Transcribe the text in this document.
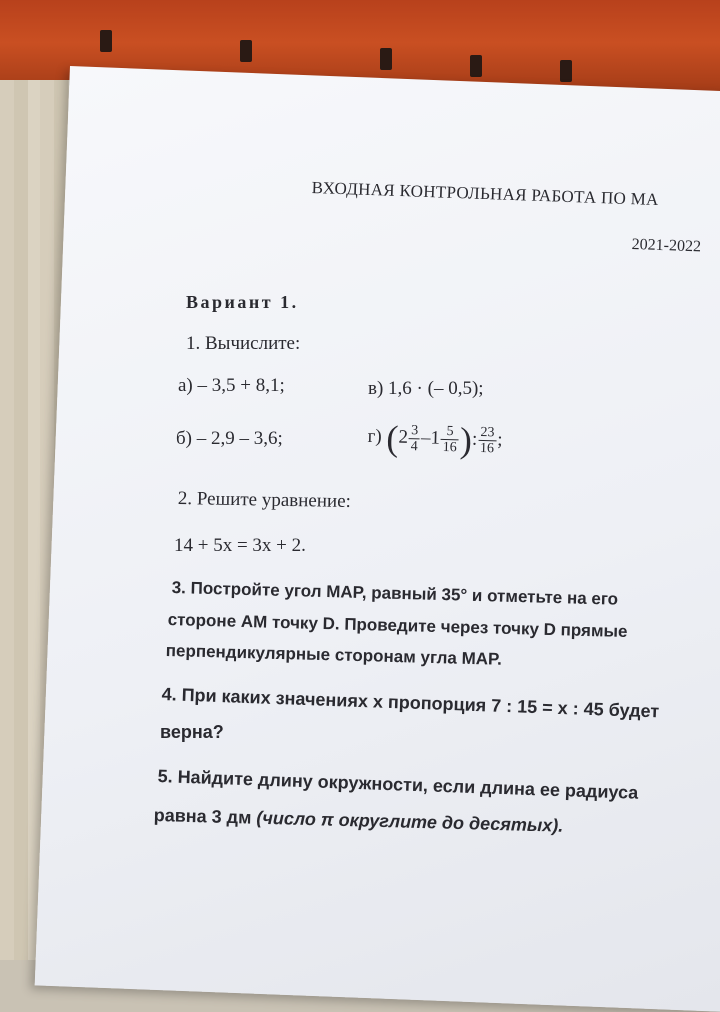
ВХОДНАЯ КОНТРОЛЬНАЯ РАБОТА ПО МА
2021-2022
Вариант 1.
1. Вычислите:
а) – 3,5 + 8,1;	в) 1,6 · (– 0,5);
б) – 2,9 – 3,6;	г) ($2 \frac{3}{4} -1 \frac{5}{16}$ ): $\frac{23}{16}$ ;
2. Решите уравнение:
14 + 5x = 3x + 2.
3. Постройте угол MAP, равный 35° и отметьте на его
стороне AM точку D. Проведите через точку D прямые
перпендикулярные сторонам угла MAP.
4. При каких значениях x пропорция 7 : 15 = x : 45 будет
верна?
5. Найдите длину окружности, если длина ее радиуса
равна 3 дм (число π округлите до десятых).
